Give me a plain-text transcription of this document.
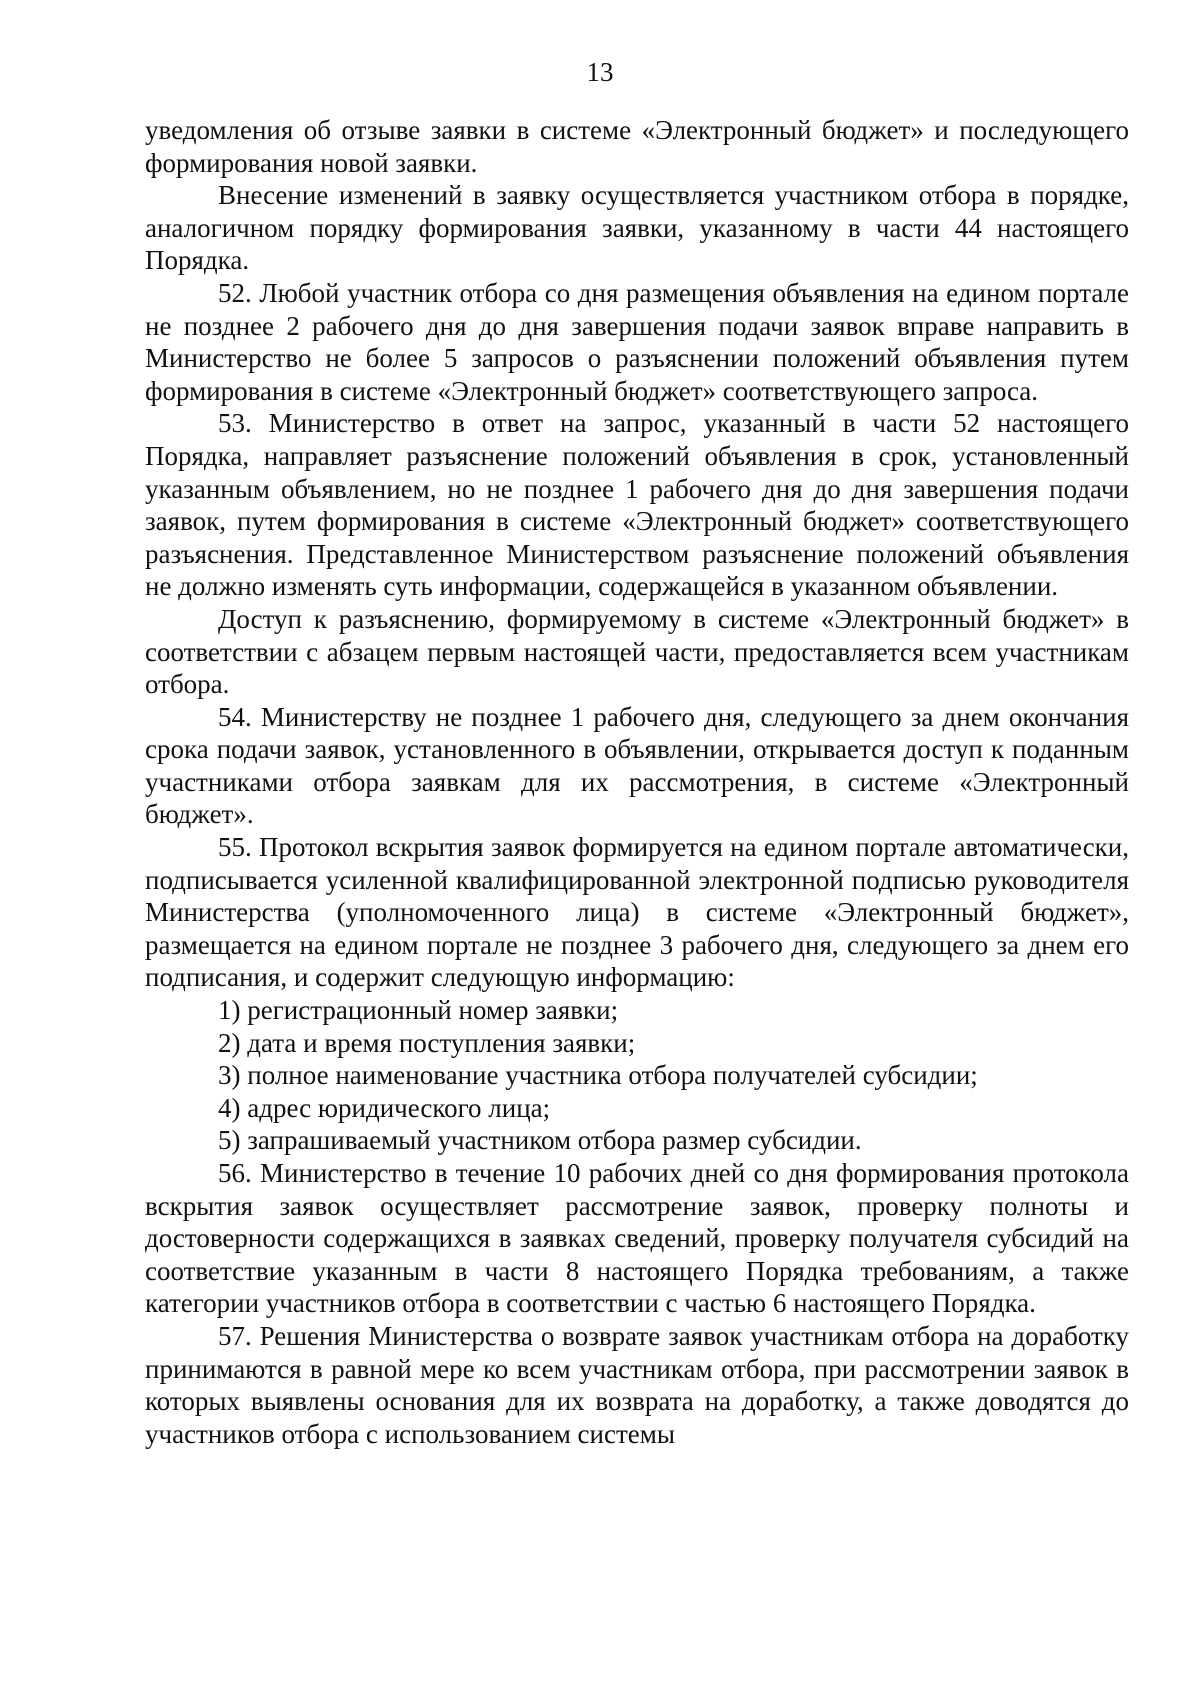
13

уведомления об отзыве заявки в системе «Электронный бюджет» и последующего формирования новой заявки.

Внесение изменений в заявку осуществляется участником отбора в порядке, аналогичном порядку формирования заявки, указанному в части 44 настоящего Порядка.

52. Любой участник отбора со дня размещения объявления на едином портале не позднее 2 рабочего дня до дня завершения подачи заявок вправе направить в Министерство не более 5 запросов о разъяснении положений объявления путем формирования в системе «Электронный бюджет» соответствующего запроса.

53. Министерство в ответ на запрос, указанный в части 52 настоящего Порядка, направляет разъяснение положений объявления в срок, установленный указанным объявлением, но не позднее 1 рабочего дня до дня завершения подачи заявок, путем формирования в системе «Электронный бюджет» соответствующего разъяснения. Представленное Министерством разъяснение положений объявления не должно изменять суть информации, содержащейся в указанном объявлении.

Доступ к разъяснению, формируемому в системе «Электронный бюджет» в соответствии с абзацем первым настоящей части, предоставляется всем участникам отбора.

54. Министерству не позднее 1 рабочего дня, следующего за днем окончания срока подачи заявок, установленного в объявлении, открывается доступ к поданным участниками отбора заявкам для их рассмотрения, в системе «Электронный бюджет».

55. Протокол вскрытия заявок формируется на едином портале автоматически, подписывается усиленной квалифицированной электронной подписью руководителя Министерства (уполномоченного лица) в системе «Электронный бюджет», размещается на едином портале не позднее 3 рабочего дня, следующего за днем его подписания, и содержит следующую информацию:

1) регистрационный номер заявки;

2) дата и время поступления заявки;

3) полное наименование участника отбора получателей субсидии;

4) адрес юридического лица;

5) запрашиваемый участником отбора размер субсидии.

56. Министерство в течение 10 рабочих дней со дня формирования протокола вскрытия заявок осуществляет рассмотрение заявок, проверку полноты и достоверности содержащихся в заявках сведений, проверку получателя субсидий на соответствие указанным в части 8 настоящего Порядка требованиям, а также категории участников отбора в соответствии с частью 6 настоящего Порядка.

57. Решения Министерства о возврате заявок участникам отбора на доработку принимаются в равной мере ко всем участникам отбора, при рассмотрении заявок в которых выявлены основания для их возврата на доработку, а также доводятся до участников отбора с использованием системы
